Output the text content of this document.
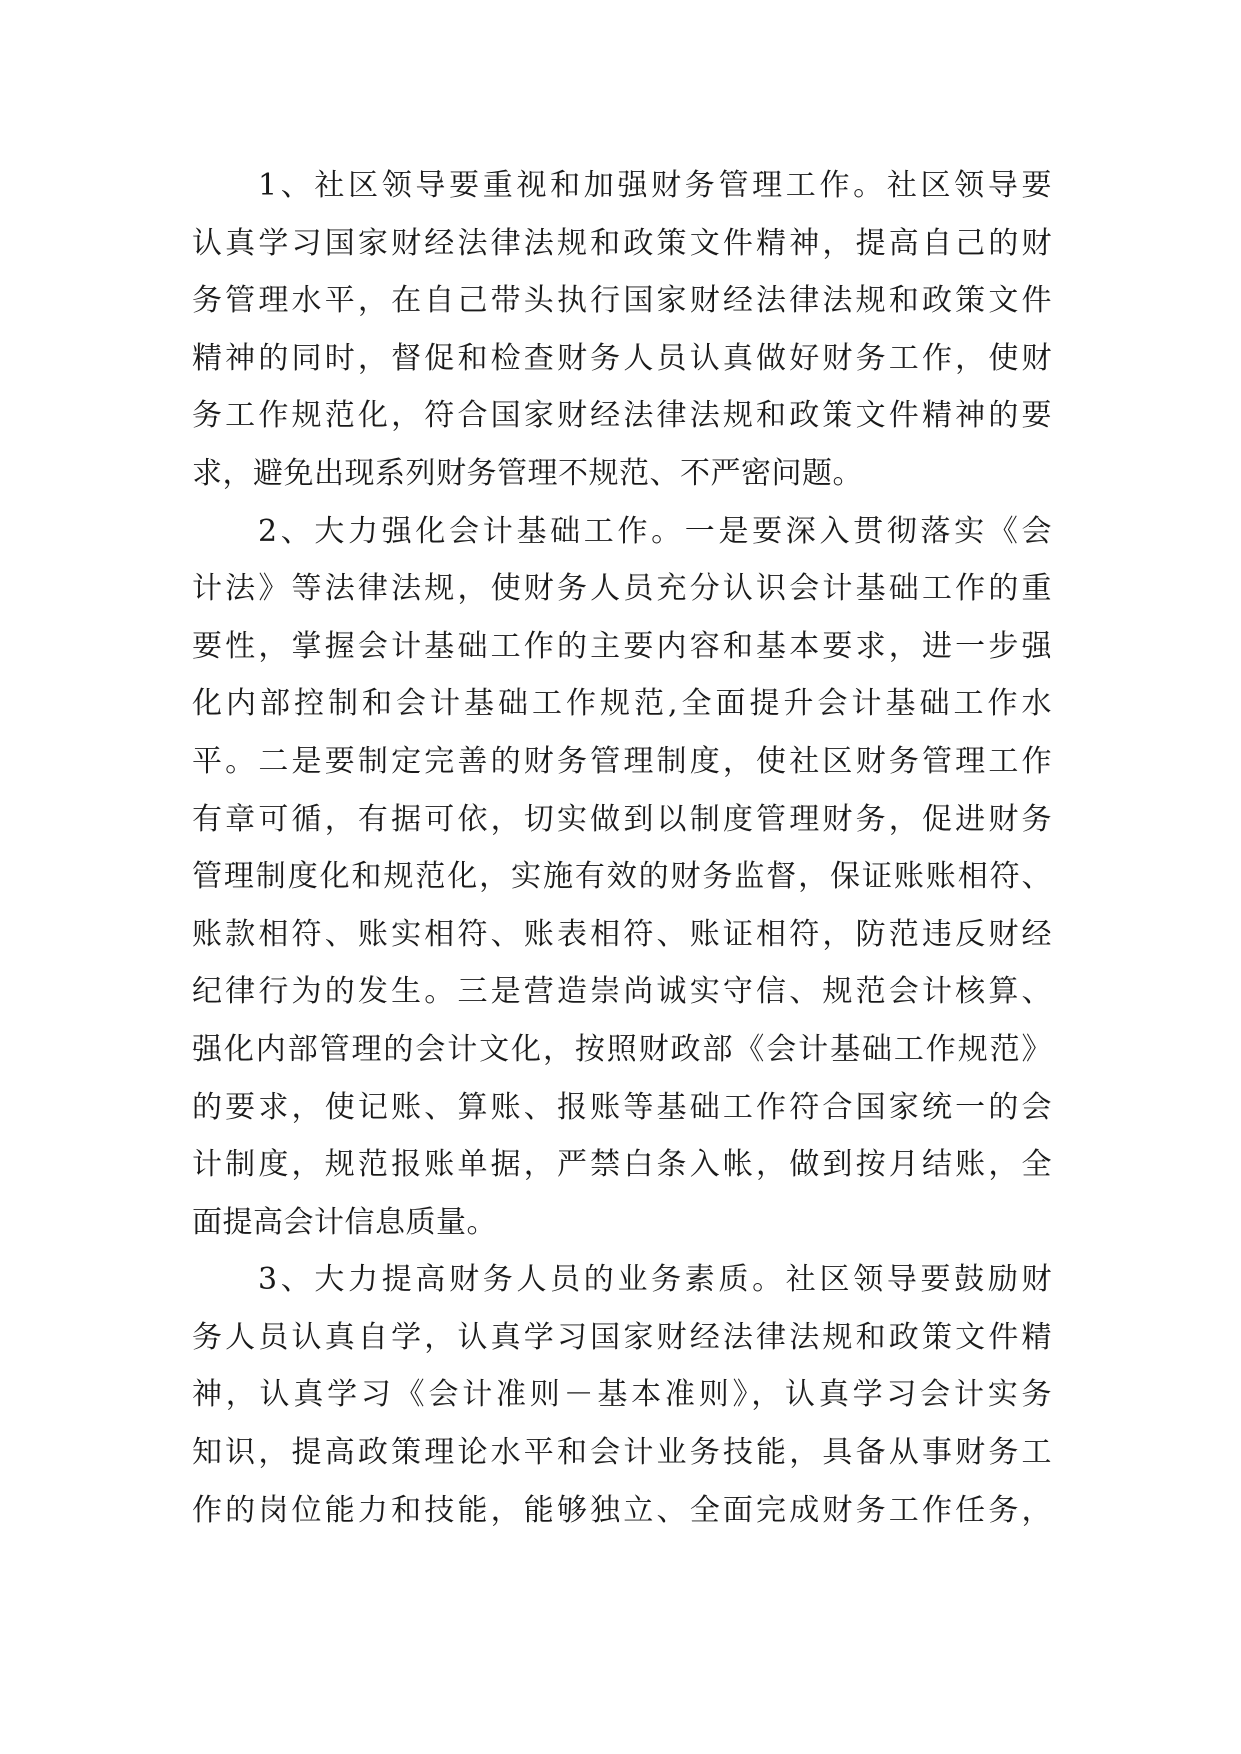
1、社区领导要重视和加强财务管理工作。社区领导要
认真学习国家财经法律法规和政策文件精神，提高自己的财
务管理水平，在自己带头执行国家财经法律法规和政策文件
精神的同时，督促和检查财务人员认真做好财务工作，使财
务工作规范化，符合国家财经法律法规和政策文件精神的要
求，避免出现系列财务管理不规范、不严密问题。
2、大力强化会计基础工作。一是要深入贯彻落实《会
计法》等法律法规，使财务人员充分认识会计基础工作的重
要性，掌握会计基础工作的主要内容和基本要求，进一步强
化内部控制和会计基础工作规范,全面提升会计基础工作水
平。二是要制定完善的财务管理制度，使社区财务管理工作
有章可循，有据可依，切实做到以制度管理财务，促进财务
管理制度化和规范化，实施有效的财务监督，保证账账相符、
账款相符、账实相符、账表相符、账证相符，防范违反财经
纪律行为的发生。三是营造崇尚诚实守信、规范会计核算、
强化内部管理的会计文化，按照财政部《会计基础工作规范》
的要求，使记账、算账、报账等基础工作符合国家统一的会
计制度，规范报账单据，严禁白条入帐，做到按月结账，全
面提高会计信息质量。
3、大力提高财务人员的业务素质。社区领导要鼓励财
务人员认真自学，认真学习国家财经法律法规和政策文件精
神，认真学习《会计准则－基本准则》，认真学习会计实务
知识，提高政策理论水平和会计业务技能，具备从事财务工
作的岗位能力和技能，能够独立、全面完成财务工作任务，
